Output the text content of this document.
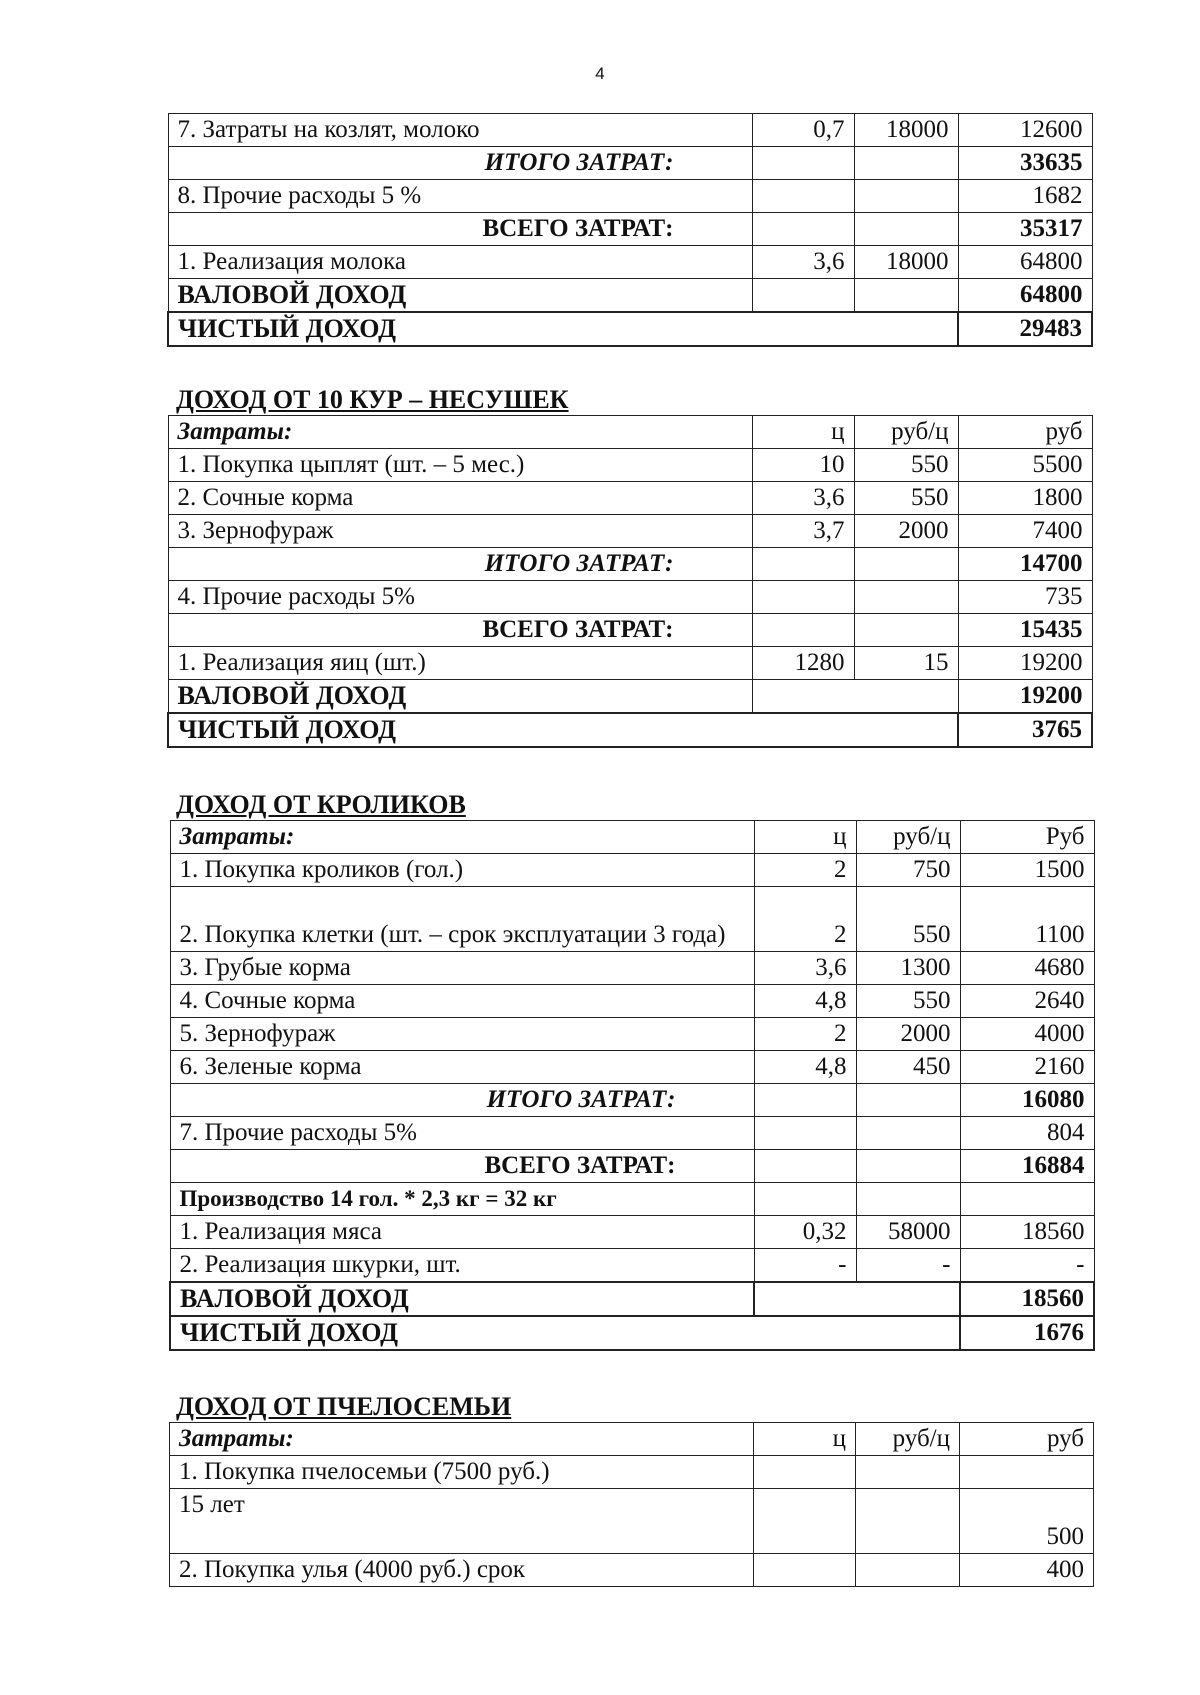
4
7. Затраты на козлят, молоко	0,7	18000	12600
ИТОГО ЗАТРАТ:			33635
8. Прочие расходы 5 %			1682
ВСЕГО ЗАТРАТ:			35317
1. Реализация молока	3,6	18000	64800
ВАЛОВОЙ ДОХОД			64800
ЧИСТЫЙ ДОХОД			29483
ДОХОД ОТ 10 КУР – НЕСУШЕК
Затраты:	ц	руб/ц	руб
1. Покупка цыплят (шт. – 5 мес.)	10	550	5500
2. Сочные корма	3,6	550	1800
3. Зернофураж	3,7	2000	7400
ИТОГО ЗАТРАТ:			14700
4. Прочие расходы 5%			735
ВСЕГО ЗАТРАТ:			15435
1. Реализация яиц (шт.)	1280	15	19200
ВАЛОВОЙ ДОХОД			19200
ЧИСТЫЙ ДОХОД			3765
ДОХОД ОТ КРОЛИКОВ
Затраты:	ц	руб/ц	Руб
1. Покупка кроликов (гол.)	2	750	1500
2. Покупка клетки (шт. – срок эксплуатации 3 года)	2	550	1100
3. Грубые корма	3,6	1300	4680
4. Сочные корма	4,8	550	2640
5. Зернофураж	2	2000	4000
6. Зеленые корма	4,8	450	2160
ИТОГО ЗАТРАТ:			16080
7. Прочие расходы 5%			804
ВСЕГО ЗАТРАТ:			16884
Производство 14 гол. * 2,3 кг = 32 кг			
1. Реализация мяса	0,32	58000	18560
2. Реализация шкурки, шт.	-	-	-
ВАЛОВОЙ ДОХОД			18560
ЧИСТЫЙ ДОХОД			1676
ДОХОД ОТ ПЧЕЛОСЕМЬИ
Затраты:	ц	руб/ц	руб
1. Покупка пчелосемьи (7500 руб.)			
15 лет			500
2. Покупка улья (4000 руб.) срок			400
